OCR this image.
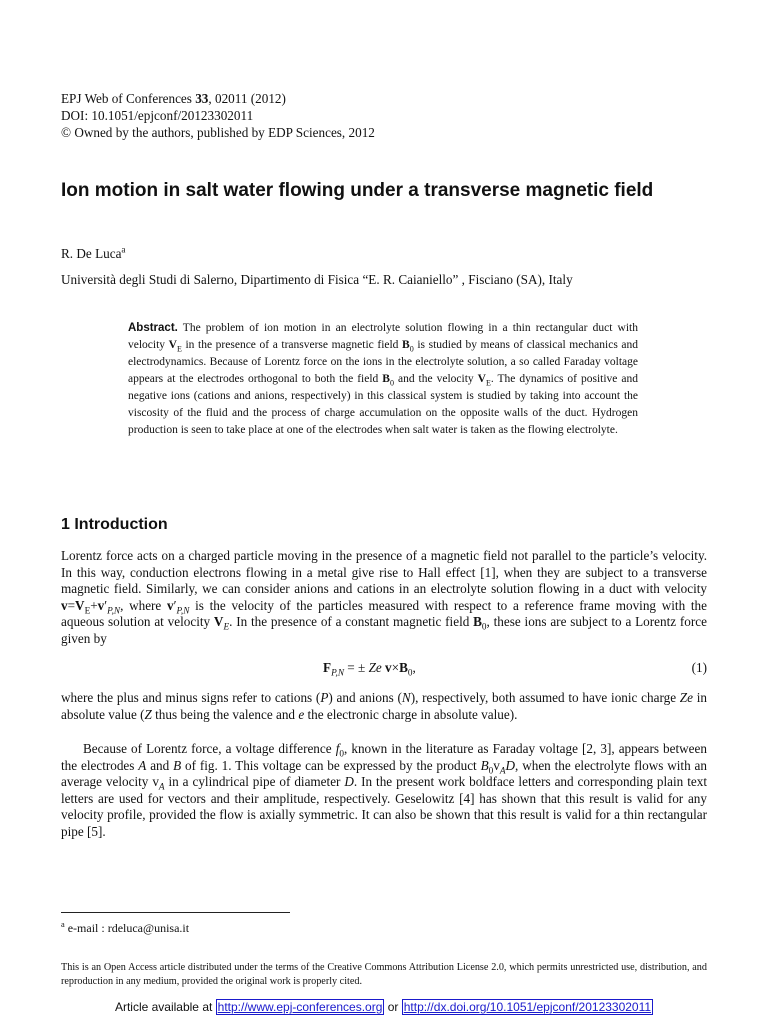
EPJ Web of Conferences 33, 02011 (2012)
DOI: 10.1051/epjconf/20123302011
© Owned by the authors, published by EDP Sciences, 2012
Ion motion in salt water flowing under a transverse magnetic field
R. De Luca$^a$
Università degli Studi di Salerno, Dipartimento di Fisica “E. R. Caianiello” , Fisciano (SA), Italy
Abstract. The problem of ion motion in an electrolyte solution flowing in a thin rectangular duct with velocity $V_E$ in the presence of a transverse magnetic field $B_0$ is studied by means of classical mechanics and electrodynamics. Because of Lorentz force on the ions in the electrolyte solution, a so called Faraday voltage appears at the electrodes orthogonal to both the field $B_0$ and the velocity $V_E$. The dynamics of positive and negative ions (cations and anions, respectively) in this classical system is studied by taking into account the viscosity of the fluid and the process of charge accumulation on the opposite walls of the duct. Hydrogen production is seen to take place at one of the electrodes when salt water is taken as the flowing electrolyte.
1 Introduction

Lorentz force acts on a charged particle moving in the presence of a magnetic field not parallel to the particle’s velocity. In this way, conduction electrons flowing in a metal give rise to Hall effect [1], when they are subject to a transverse magnetic field. Similarly, we can consider anions and cations in an electrolyte solution flowing in a duct with velocity $v=V_E+v'_{P,N}$, where $v'_{P,N}$ is the velocity of the particles measured with respect to a reference frame moving with the aqueous solution at velocity $V_E$. In the presence of a constant magnetic field $B_0$, these ions are subject to a Lorentz force given by

$F_{P,N}$ = ± Ze $v\times B_0$,	(1)

where the plus and minus signs refer to cations (P) and anions (N), respectively, both assumed to have ionic charge Ze in absolute value (Z thus being the valence and e the electronic charge in absolute value).

Because of Lorentz force, a voltage difference $f_0$, known in the literature as Faraday voltage [2, 3], appears between the electrodes A and B of fig. 1. This voltage can be expressed by the product $B_0v_AD$, when the electrolyte flows with an average velocity $v_A$ in a cylindrical pipe of diameter D. In the present work boldface letters and corresponding plain text letters are used for vectors and their amplitude, respectively. Geselowitz [4] has shown that this result is valid for any velocity profile, provided the flow is axially symmetric. It can also be shown that this result is valid for a thin rectangular pipe [5].

$^a$ e-mail : rdeluca@unisa.it
This is an Open Access article distributed under the terms of the Creative Commons Attribution License 2.0, which permits unrestricted use, distribution, and reproduction in any medium, provided the original work is properly cited.
Article available at http://www.epj-conferences.org or http://dx.doi.org/10.1051/epjconf/20123302011
